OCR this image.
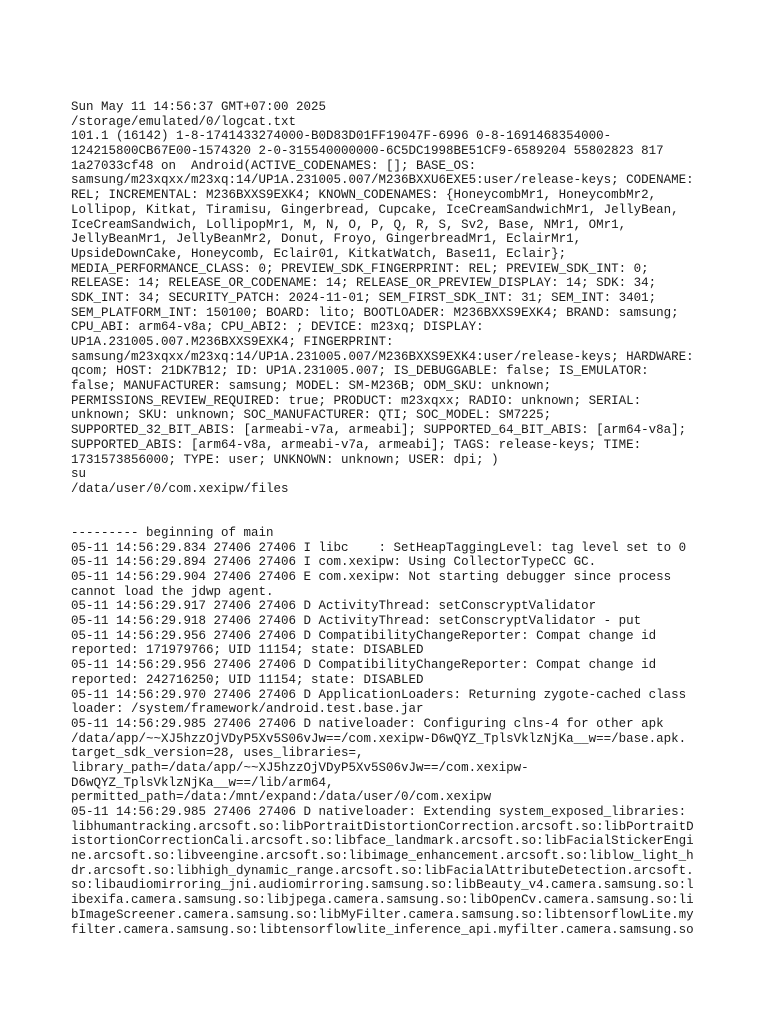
Sun May 11 14:56:37 GMT+07:00 2025
/storage/emulated/0/logcat.txt
101.1 (16142) 1-8-1741433274000-B0D83D01FF19047F-6996 0-8-1691468354000-
124215800CB67E00-1574320 2-0-315540000000-6C5DC1998BE51CF9-6589204 55802823 817
1a27033cf48 on  Android(ACTIVE_CODENAMES: []; BASE_OS:
samsung/m23xqxx/m23xq:14/UP1A.231005.007/M236BXXU6EXE5:user/release-keys; CODENAME:
REL; INCREMENTAL: M236BXXS9EXK4; KNOWN_CODENAMES: {HoneycombMr1, HoneycombMr2,
Lollipop, Kitkat, Tiramisu, Gingerbread, Cupcake, IceCreamSandwichMr1, JellyBean,
IceCreamSandwich, LollipopMr1, M, N, O, P, Q, R, S, Sv2, Base, NMr1, OMr1,
JellyBeanMr1, JellyBeanMr2, Donut, Froyo, GingerbreadMr1, EclairMr1,
UpsideDownCake, Honeycomb, Eclair01, KitkatWatch, Base11, Eclair};
MEDIA_PERFORMANCE_CLASS: 0; PREVIEW_SDK_FINGERPRINT: REL; PREVIEW_SDK_INT: 0;
RELEASE: 14; RELEASE_OR_CODENAME: 14; RELEASE_OR_PREVIEW_DISPLAY: 14; SDK: 34;
SDK_INT: 34; SECURITY_PATCH: 2024-11-01; SEM_FIRST_SDK_INT: 31; SEM_INT: 3401;
SEM_PLATFORM_INT: 150100; BOARD: lito; BOOTLOADER: M236BXXS9EXK4; BRAND: samsung;
CPU_ABI: arm64-v8a; CPU_ABI2: ; DEVICE: m23xq; DISPLAY:
UP1A.231005.007.M236BXXS9EXK4; FINGERPRINT:
samsung/m23xqxx/m23xq:14/UP1A.231005.007/M236BXXS9EXK4:user/release-keys; HARDWARE:
qcom; HOST: 21DK7B12; ID: UP1A.231005.007; IS_DEBUGGABLE: false; IS_EMULATOR:
false; MANUFACTURER: samsung; MODEL: SM-M236B; ODM_SKU: unknown;
PERMISSIONS_REVIEW_REQUIRED: true; PRODUCT: m23xqxx; RADIO: unknown; SERIAL:
unknown; SKU: unknown; SOC_MANUFACTURER: QTI; SOC_MODEL: SM7225;
SUPPORTED_32_BIT_ABIS: [armeabi-v7a, armeabi]; SUPPORTED_64_BIT_ABIS: [arm64-v8a];
SUPPORTED_ABIS: [arm64-v8a, armeabi-v7a, armeabi]; TAGS: release-keys; TIME:
1731573856000; TYPE: user; UNKNOWN: unknown; USER: dpi; )
su
/data/user/0/com.xexipw/files
--------- beginning of main
05-11 14:56:29.834 27406 27406 I libc    : SetHeapTaggingLevel: tag level set to 0
05-11 14:56:29.894 27406 27406 I com.xexipw: Using CollectorTypeCC GC.
05-11 14:56:29.904 27406 27406 E com.xexipw: Not starting debugger since process
cannot load the jdwp agent.
05-11 14:56:29.917 27406 27406 D ActivityThread: setConscryptValidator
05-11 14:56:29.918 27406 27406 D ActivityThread: setConscryptValidator - put
05-11 14:56:29.956 27406 27406 D CompatibilityChangeReporter: Compat change id
reported: 171979766; UID 11154; state: DISABLED
05-11 14:56:29.956 27406 27406 D CompatibilityChangeReporter: Compat change id
reported: 242716250; UID 11154; state: DISABLED
05-11 14:56:29.970 27406 27406 D ApplicationLoaders: Returning zygote-cached class
loader: /system/framework/android.test.base.jar
05-11 14:56:29.985 27406 27406 D nativeloader: Configuring clns-4 for other apk
/data/app/~~XJ5hzzOjVDyP5Xv5S06vJw==/com.xexipw-D6wQYZ_TplsVklzNjKa__w==/base.apk.
target_sdk_version=28, uses_libraries=,
library_path=/data/app/~~XJ5hzzOjVDyP5Xv5S06vJw==/com.xexipw-
D6wQYZ_TplsVklzNjKa__w==/lib/arm64,
permitted_path=/data:/mnt/expand:/data/user/0/com.xexipw
05-11 14:56:29.985 27406 27406 D nativeloader: Extending system_exposed_libraries:
libhumantracking.arcsoft.so:libPortraitDistortionCorrection.arcsoft.so:libPortraitD
istortionCorrectionCali.arcsoft.so:libface_landmark.arcsoft.so:libFacialStickerEngi
ne.arcsoft.so:libveengine.arcsoft.so:libimage_enhancement.arcsoft.so:liblow_light_h
dr.arcsoft.so:libhigh_dynamic_range.arcsoft.so:libFacialAttributeDetection.arcsoft.
so:libaudiomirroring_jni.audiomirroring.samsung.so:libBeauty_v4.camera.samsung.so:l
ibexifa.camera.samsung.so:libjpega.camera.samsung.so:libOpenCv.camera.samsung.so:li
bImageScreener.camera.samsung.so:libMyFilter.camera.samsung.so:libtensorflowLite.my
filter.camera.samsung.so:libtensorflowlite_inference_api.myfilter.camera.samsung.so
